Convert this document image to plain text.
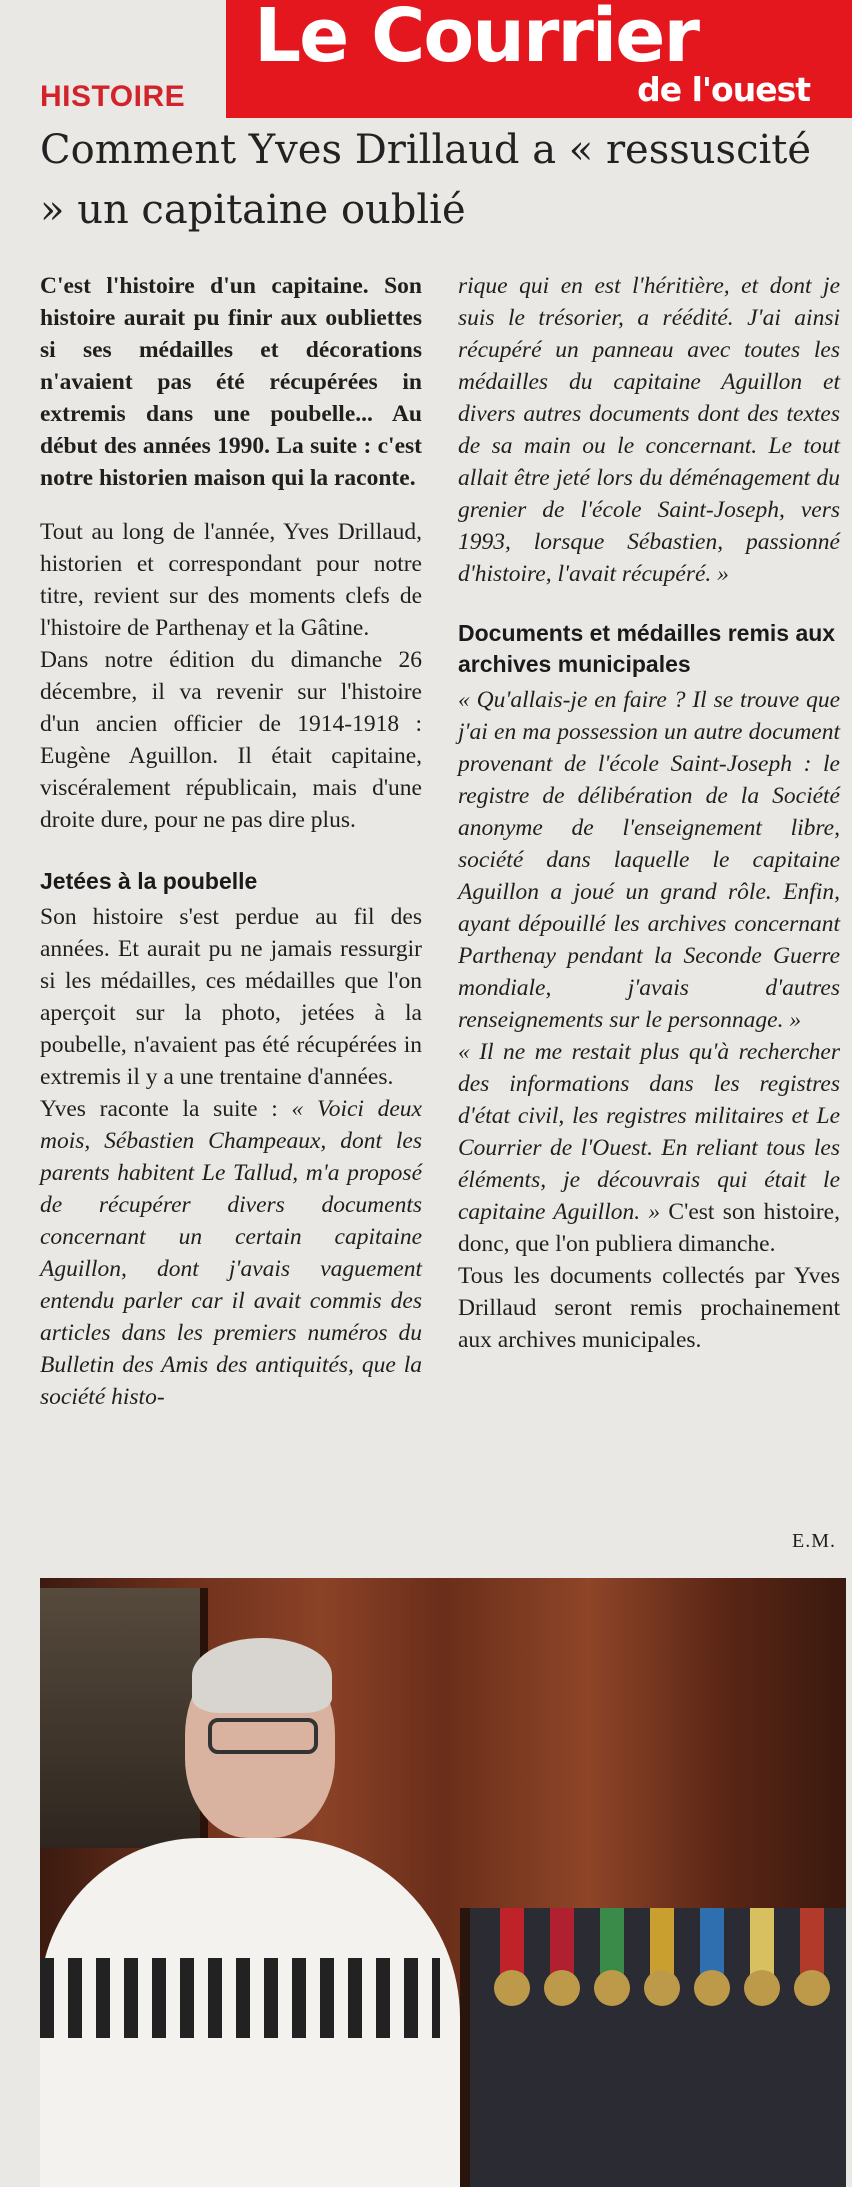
Le Courrier
de l'ouest
HISTOIRE
Comment Yves Drillaud a « ressuscité » un capitaine oublié

C'est l'histoire d'un capitaine. Son histoire aurait pu finir aux oubliettes si ses médailles et décorations n'avaient pas été récupérées in extremis dans une poubelle... Au début des années 1990. La suite : c'est notre historien maison qui la raconte.

Tout au long de l'année, Yves Drillaud, historien et correspondant pour notre titre, revient sur des moments clefs de l'histoire de Parthenay et la Gâtine.

Dans notre édition du dimanche 26 décembre, il va revenir sur l'histoire d'un ancien officier de 1914-1918 : Eugène Aguillon. Il était capitaine, viscéralement républicain, mais d'une droite dure, pour ne pas dire plus.

Jetées à la poubelle

Son histoire s'est perdue au fil des années. Et aurait pu ne jamais ressurgir si les médailles, ces médailles que l'on aperçoit sur la photo, jetées à la poubelle, n'avaient pas été récupérées in extremis il y a une trentaine d'années.

Yves raconte la suite : « Voici deux mois, Sébastien Champeaux, dont les parents habitent Le Tallud, m'a proposé de récupérer divers documents concernant un certain capitaine Aguillon, dont j'avais vaguement entendu parler car il avait commis des articles dans les premiers numéros du Bulletin des Amis des antiquités, que la société histo-

rique qui en est l'héritière, et dont je suis le trésorier, a réédité. J'ai ainsi récupéré un panneau avec toutes les médailles du capitaine Aguillon et divers autres documents dont des textes de sa main ou le concernant. Le tout allait être jeté lors du déménagement du grenier de l'école Saint-Joseph, vers 1993, lorsque Sébastien, passionné d'histoire, l'avait récupéré. »

Documents et médailles remis aux archives municipales

« Qu'allais-je en faire ? Il se trouve que j'ai en ma possession un autre document provenant de l'école Saint-Joseph : le registre de délibération de la Société anonyme de l'enseignement libre, société dans laquelle le capitaine Aguillon a joué un grand rôle. Enfin, ayant dépouillé les archives concernant Parthenay pendant la Seconde Guerre mondiale, j'avais d'autres renseignements sur le personnage. »

« Il ne me restait plus qu'à rechercher des informations dans les registres d'état civil, les registres militaires et Le Courrier de l'Ouest. En reliant tous les éléments, je découvrais qui était le capitaine Aguillon. » C'est son histoire, donc, que l'on publiera dimanche.

Tous les documents collectés par Yves Drillaud seront remis prochainement aux archives municipales.

E.M.
